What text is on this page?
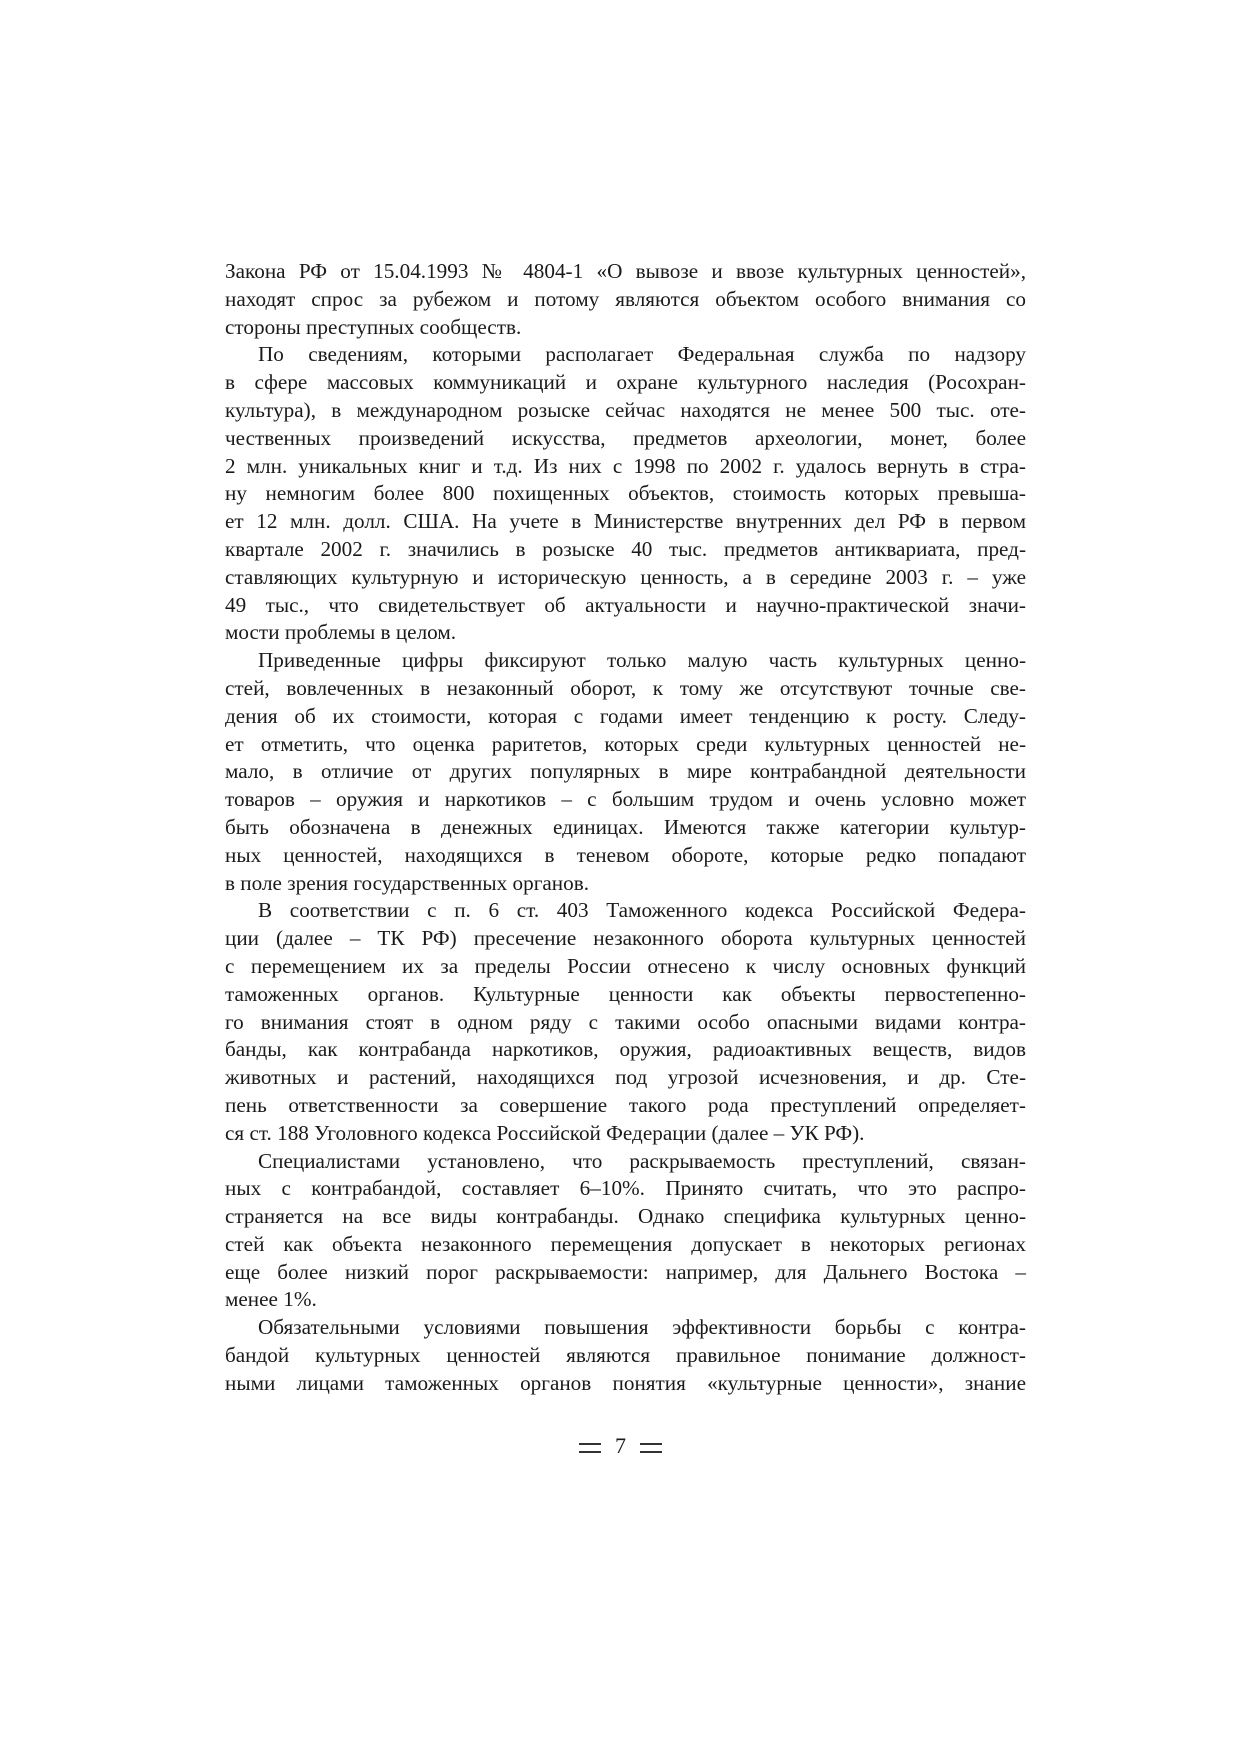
Закона РФ от 15.04.1993 № 4804-1 «О вывозе и ввозе культурных ценностей»,
находят спрос за рубежом и потому являются объектом особого внимания со
стороны преступных сообществ.
По сведениям, которыми располагает Федеральная служба по надзору
в сфере массовых коммуникаций и охране культурного наследия (Росохран-
культура), в международном розыске сейчас находятся не менее 500 тыс. оте-
чественных произведений искусства, предметов археологии, монет, более
2 млн. уникальных книг и т.д. Из них с 1998 по 2002 г. удалось вернуть в стра-
ну немногим более 800 похищенных объектов, стоимость которых превыша-
ет 12 млн. долл. США. На учете в Министерстве внутренних дел РФ в первом
квартале 2002 г. значились в розыске 40 тыс. предметов антиквариата, пред-
ставляющих культурную и историческую ценность, а в середине 2003 г. – уже
49 тыс., что свидетельствует об актуальности и научно-практической значи-
мости проблемы в целом.
Приведенные цифры фиксируют только малую часть культурных ценно-
стей, вовлеченных в незаконный оборот, к тому же отсутствуют точные све-
дения об их стоимости, которая с годами имеет тенденцию к росту. Следу-
ет отметить, что оценка раритетов, которых среди культурных ценностей не-
мало, в отличие от других популярных в мире контрабандной деятельности
товаров – оружия и наркотиков – с большим трудом и очень условно может
быть обозначена в денежных единицах. Имеются также категории культур-
ных ценностей, находящихся в теневом обороте, которые редко попадают
в поле зрения государственных органов.
В соответствии с п. 6 ст. 403 Таможенного кодекса Российской Федера-
ции (далее – ТК РФ) пресечение незаконного оборота культурных ценностей
с перемещением их за пределы России отнесено к числу основных функций
таможенных органов. Культурные ценности как объекты первостепенно-
го внимания стоят в одном ряду с такими особо опасными видами контра-
банды, как контрабанда наркотиков, оружия, радиоактивных веществ, видов
животных и растений, находящихся под угрозой исчезновения, и др. Сте-
пень ответственности за совершение такого рода преступлений определяет-
ся ст. 188 Уголовного кодекса Российской Федерации (далее – УК РФ).
Специалистами установлено, что раскрываемость преступлений, связан-
ных с контрабандой, составляет 6–10%. Принято считать, что это распро-
страняется на все виды контрабанды. Однако специфика культурных ценно-
стей как объекта незаконного перемещения допускает в некоторых регионах
еще более низкий порог раскрываемости: например, для Дальнего Востока –
менее 1%.
Обязательными условиями повышения эффективности борьбы с контра-
бандой культурных ценностей являются правильное понимание должност-
ными лицами таможенных органов понятия «культурные ценности», знание
7
